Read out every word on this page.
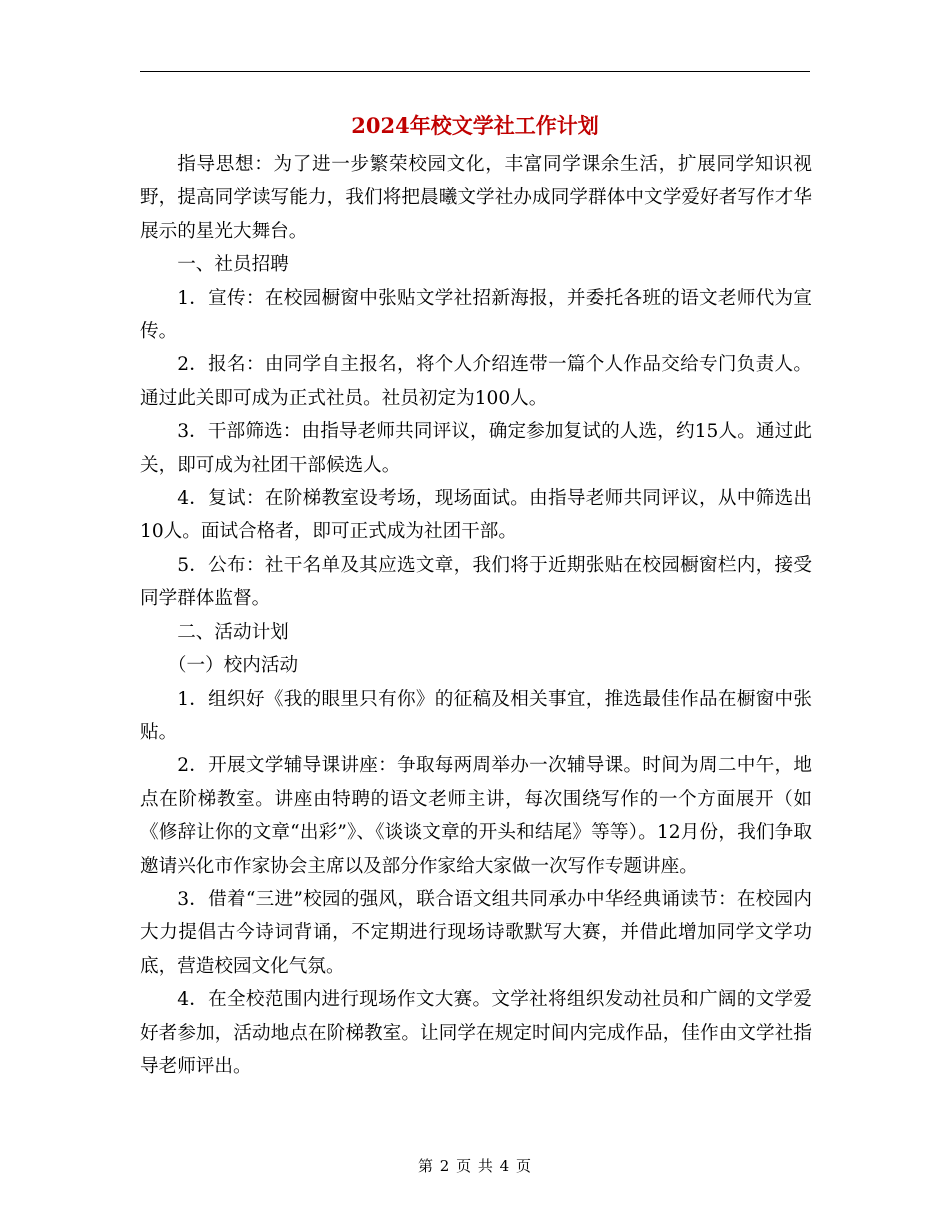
2024年校文学社工作计划

指导思想：为了进一步繁荣校园文化，丰富同学课余生活，扩展同学知识视野，提高同学读写能力，我们将把晨曦文学社办成同学群体中文学爱好者写作才华展示的星光大舞台。

一、社员招聘

1．宣传：在校园橱窗中张贴文学社招新海报，并委托各班的语文老师代为宣传。

2．报名：由同学自主报名，将个人介绍连带一篇个人作品交给专门负责人。通过此关即可成为正式社员。社员初定为100人。

3．干部筛选：由指导老师共同评议，确定参加复试的人选，约15人。通过此关，即可成为社团干部候选人。

4．复试：在阶梯教室设考场，现场面试。由指导老师共同评议，从中筛选出10人。面试合格者，即可正式成为社团干部。

5．公布：社干名单及其应选文章，我们将于近期张贴在校园橱窗栏内，接受同学群体监督。

二、活动计划

（一）校内活动

1．组织好《我的眼里只有你》的征稿及相关事宜，推选最佳作品在橱窗中张贴。

2．开展文学辅导课讲座：争取每两周举办一次辅导课。时间为周二中午，地点在阶梯教室。讲座由特聘的语文老师主讲，每次围绕写作的一个方面展开（如《修辞让你的文章“出彩”》、《谈谈文章的开头和结尾》等等）。12月份，我们争取邀请兴化市作家协会主席以及部分作家给大家做一次写作专题讲座。

3．借着“三进”校园的强风，联合语文组共同承办中华经典诵读节：在校园内大力提倡古今诗词背诵，不定期进行现场诗歌默写大赛，并借此增加同学文学功底，营造校园文化气氛。

4．在全校范围内进行现场作文大赛。文学社将组织发动社员和广阔的文学爱好者参加，活动地点在阶梯教室。让同学在规定时间内完成作品，佳作由文学社指导老师评出。

第 2 页 共 4 页
